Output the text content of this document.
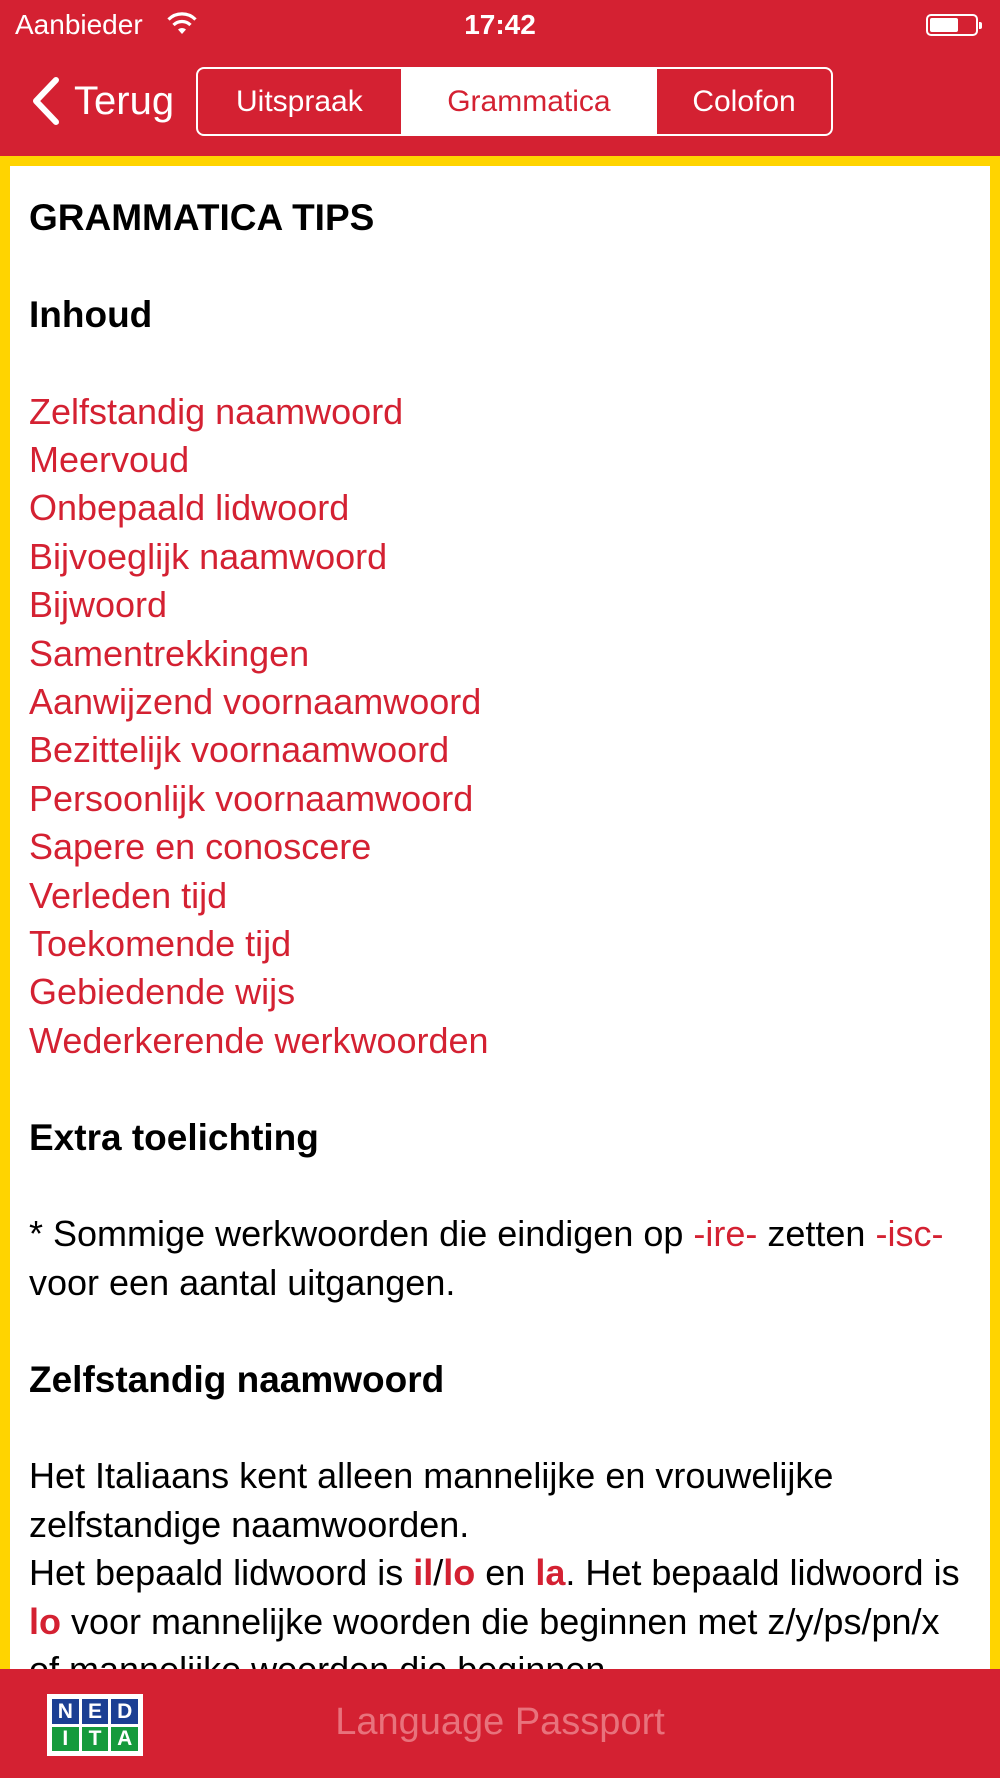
Aanbieder	17:42
Terug	Uitspraak	Grammatica	Colofon
GRAMMATICA TIPS
Inhoud
Zelfstandig naamwoord
Meervoud
Onbepaald lidwoord
Bijvoeglijk naamwoord
Bijwoord
Samentrekkingen
Aanwijzend voornaamwoord
Bezittelijk voornaamwoord
Persoonlijk voornaamwoord
Sapere en conoscere
Verleden tijd
Toekomende tijd
Gebiedende wijs
Wederkerende werkwoorden
Extra toelichting

* Sommige werkwoorden die eindigen op -ire- zetten -isc- voor een aantal uitgangen.

Zelfstandig naamwoord

Het Italiaans kent alleen mannelijke en vrouwelijke zelfstandige naamwoorden.

Het bepaald lidwoord is il/lo en la. Het bepaald lidwoord is lo voor mannelijke woorden die beginnen met z/y/ps/pn/x

N E D
I T A	Language Passport
